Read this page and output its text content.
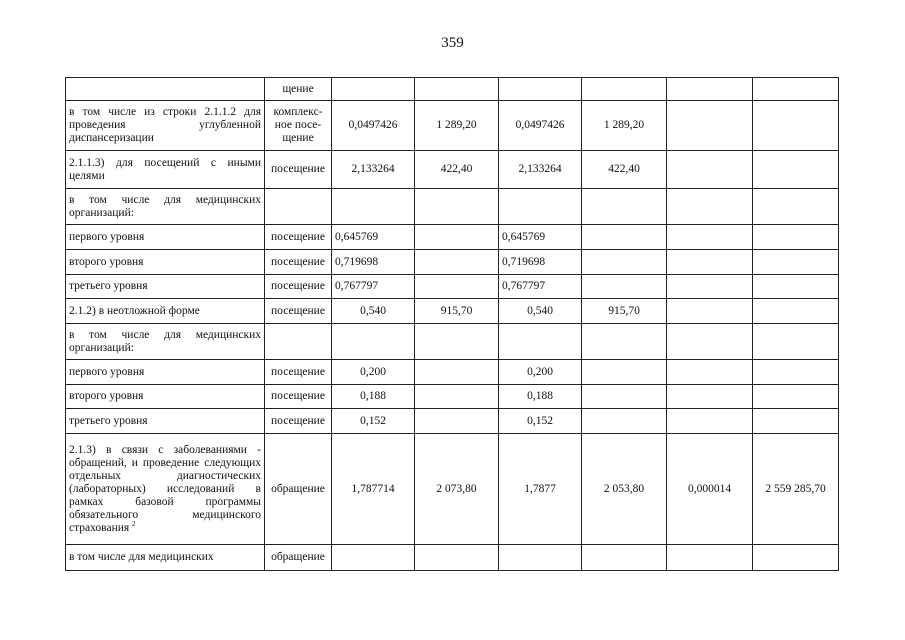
359
	щение						
в том числе из строки 2.1.1.2 для проведения углубленной диспансеризации	комплекс-ное посе-щение	0,0497426	1 289,20	0,0497426	1 289,20		
2.1.1.3) для посещений с иными целями	посещение	2,133264	422,40	2,133264	422,40		
в том числе для медицинских организаций:							
первого уровня	посещение	0,645769		0,645769			
второго уровня	посещение	0,719698		0,719698			
третьего уровня	посещение	0,767797		0,767797			
2.1.2) в неотложной форме	посещение	0,540	915,70	0,540	915,70		
в том числе для медицинских организаций:							
первого уровня	посещение	0,200		0,200			
второго уровня	посещение	0,188		0,188			
третьего уровня	посещение	0,152		0,152			
2.1.3) в связи с заболеваниями - обращений, и проведение следующих отдельных диагностических (лабораторных) исследований в рамках базовой программы обязательного медицинского страхования $^2$	обращение	1,787714	2 073,80	1,7877	2 053,80	0,000014	2 559 285,70
в том числе для медицинских	обращение						
